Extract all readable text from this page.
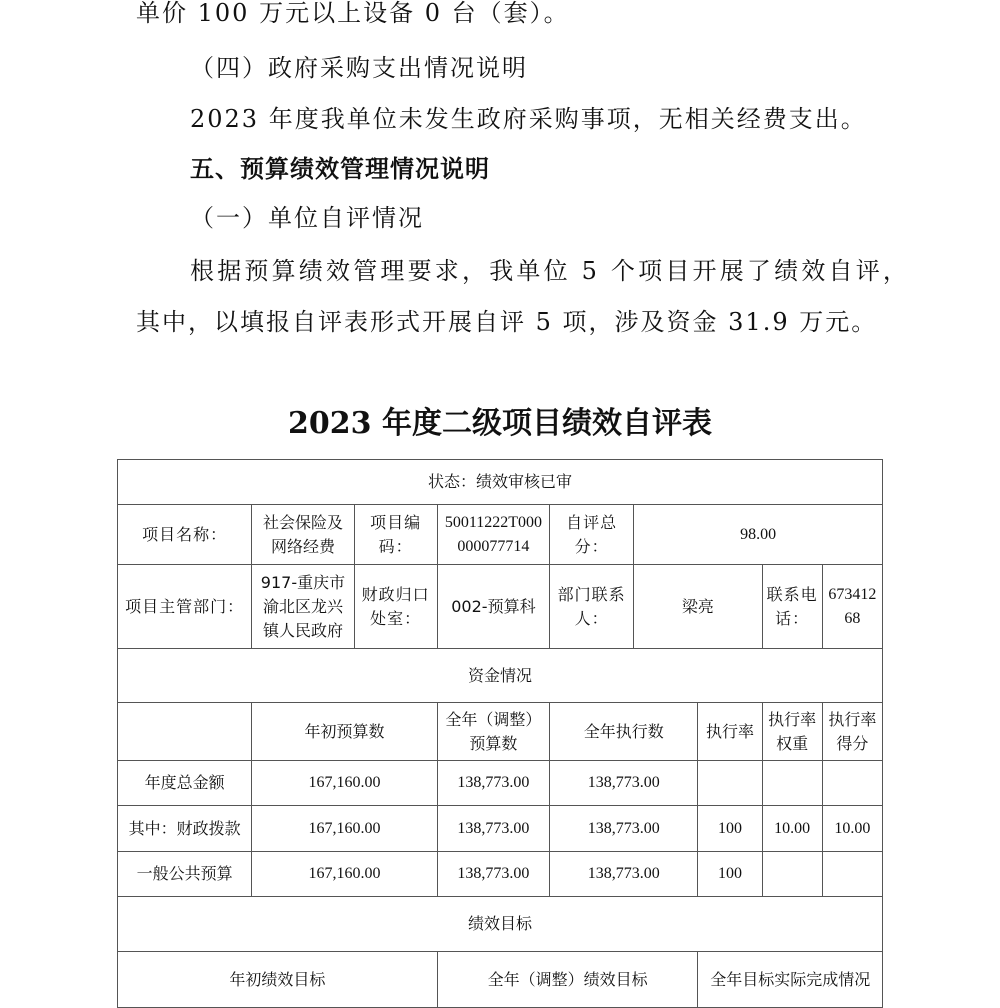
单价 100 万元以上设备 0 台（套）。
（四）政府采购支出情况说明
2023 年度我单位未发生政府采购事项，无相关经费支出。
五、预算绩效管理情况说明
（一）单位自评情况
根据预算绩效管理要求，我单位 5 个项目开展了绩效自评，
其中，以填报自评表形式开展自评 5 项，涉及资金 31.9 万元。
2023 年度二级项目绩效自评表
状态：绩效审核已审								
项目名称：	社会保险及网络经费	项目编码：	50011222T000000077714	自评总分：	98.00			
项目主管部门：	917-重庆市渝北区龙兴镇人民政府	财政归口处室：	002-预算科	部门联系人：	梁亮		联系电话：	67341268
资金情况								
	年初预算数		全年（调整）预算数	全年执行数		执行率	执行率权重	执行率得分
年度总金额	167,160.00		138,773.00	138,773.00				
其中：财政拨款	167,160.00		138,773.00	138,773.00		100	10.00	10.00
一般公共预算	167,160.00		138,773.00	138,773.00		100		
绩效目标								
年初绩效目标			全年（调整）绩效目标			全年目标实际完成情况		
